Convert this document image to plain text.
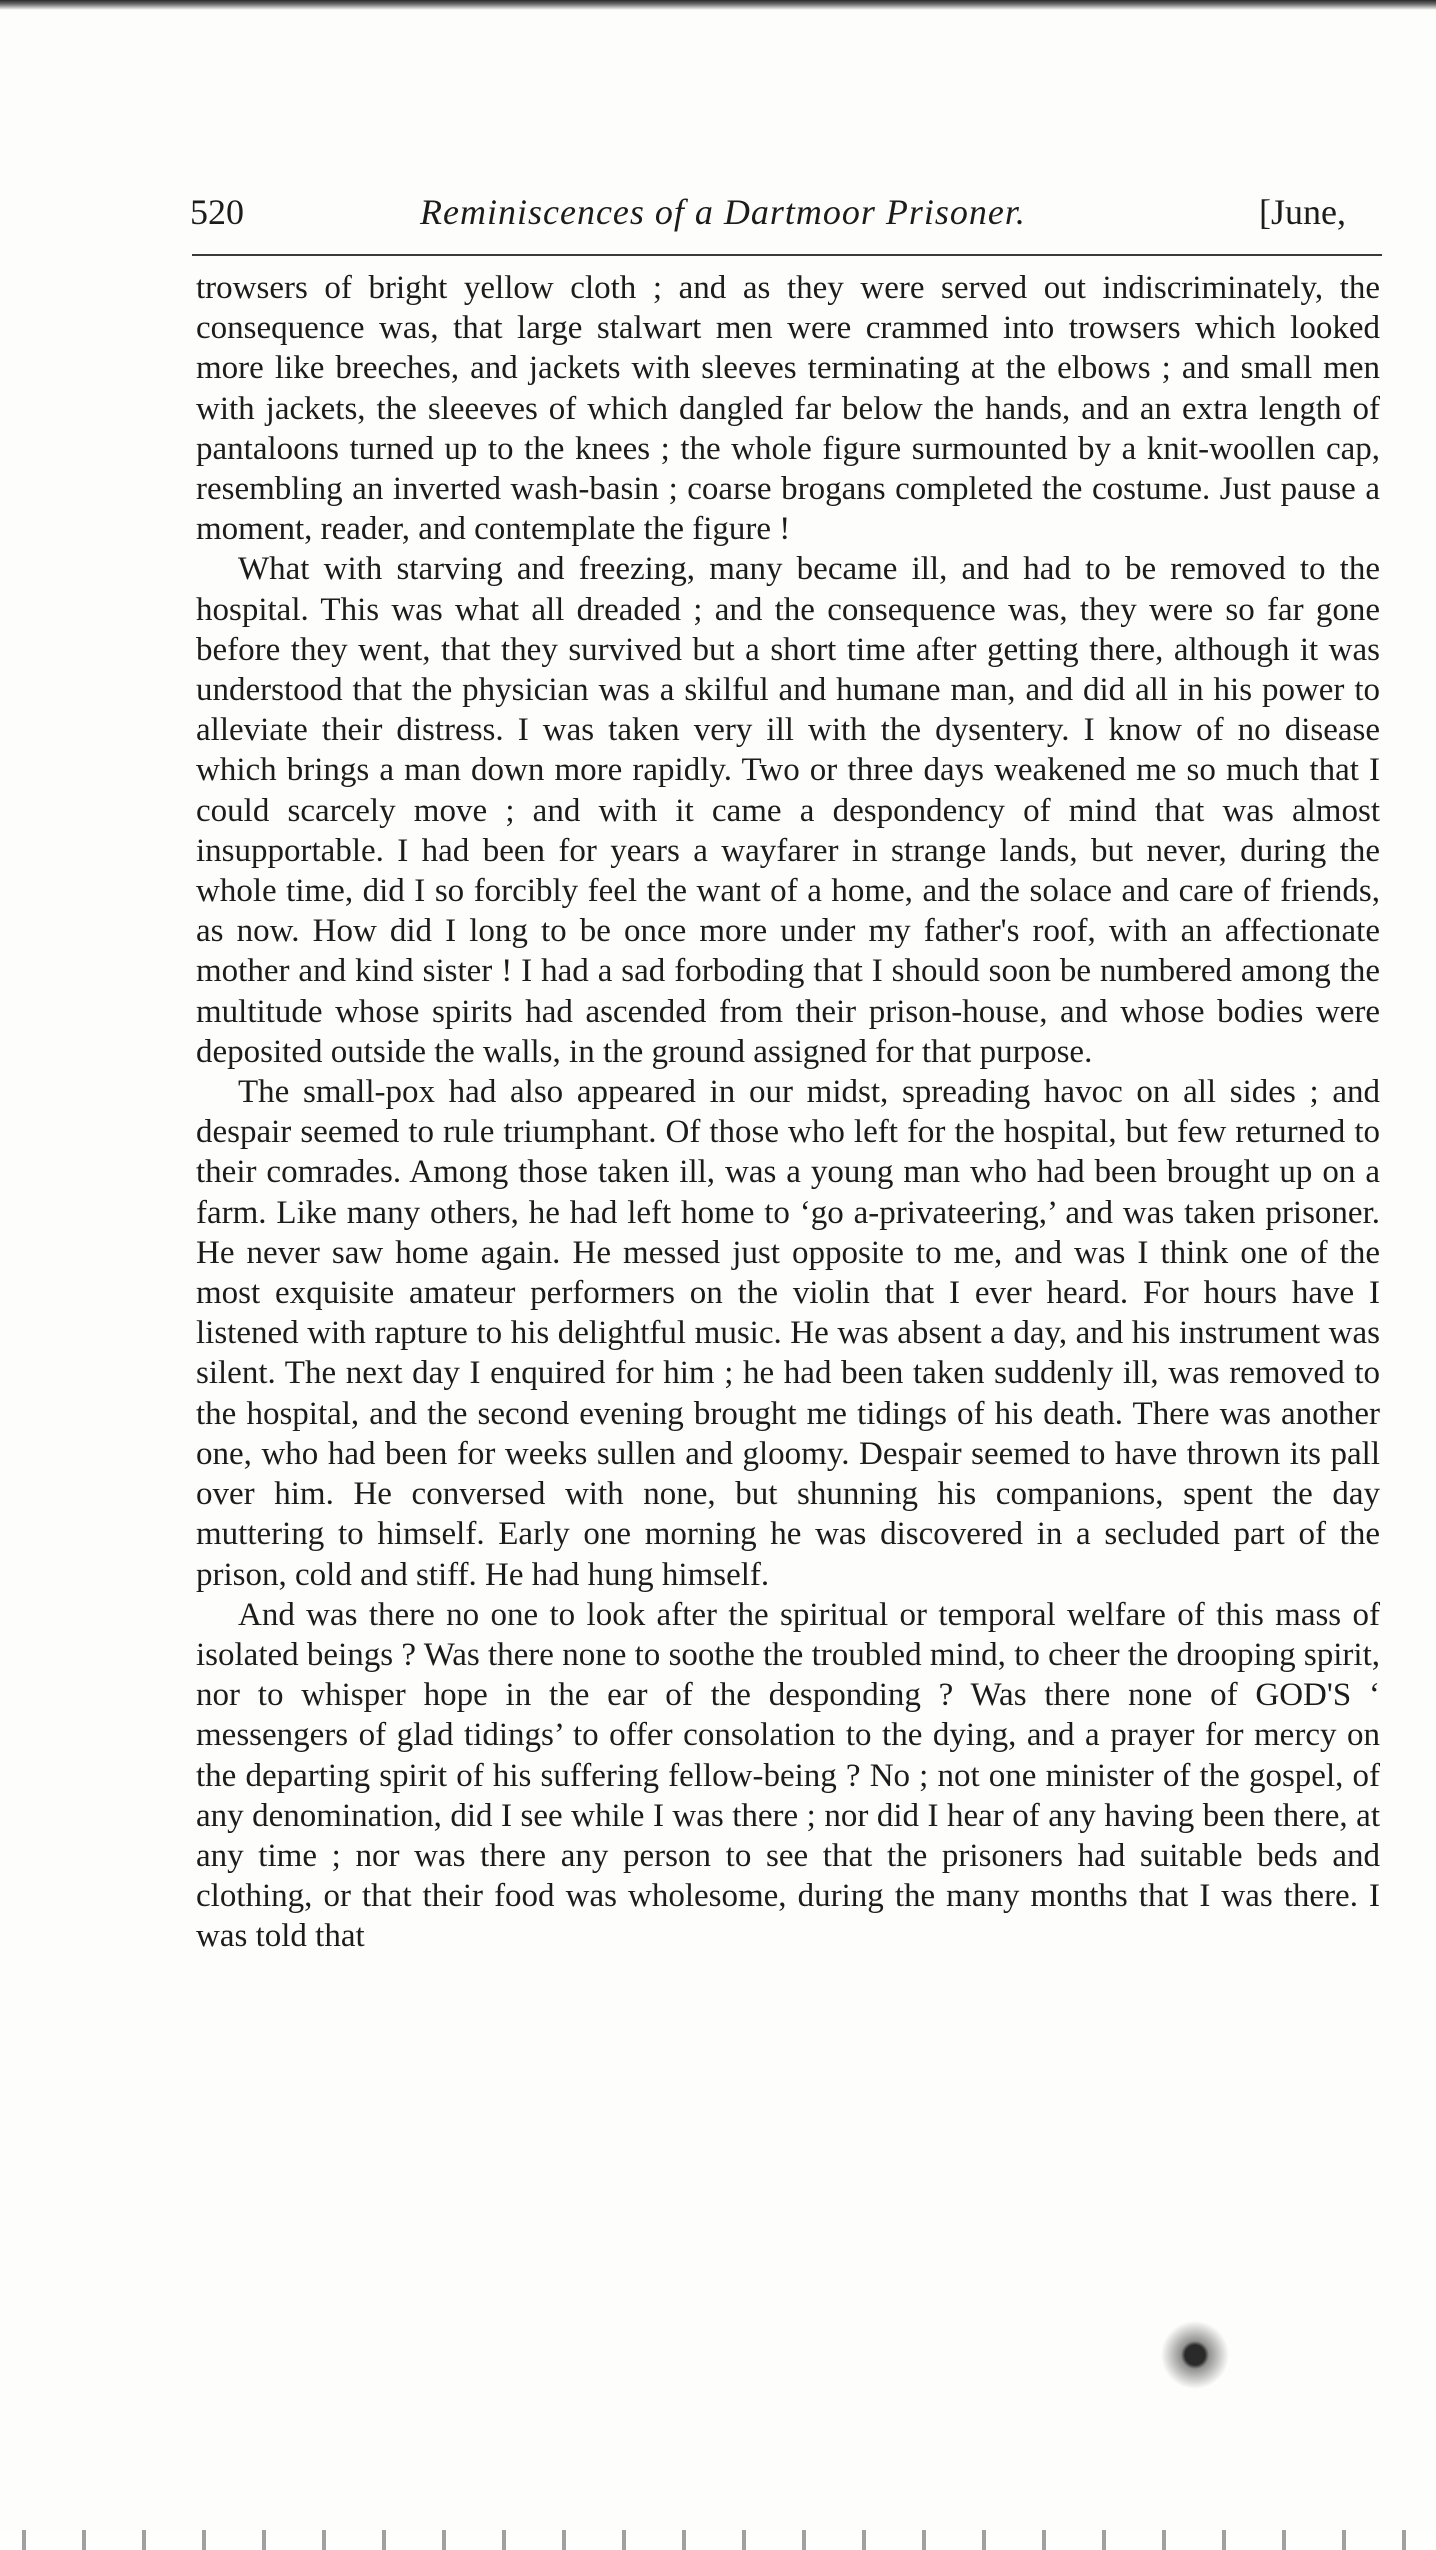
520	Reminiscences of a Dartmoor Prisoner.	[June,

trowsers of bright yellow cloth ; and as they were served out indiscriminately, the consequence was, that large stalwart men were crammed into trowsers which looked more like breeches, and jackets with sleeves terminating at the elbows ; and small men with jackets, the sleeeves of which dangled far below the hands, and an extra length of pantaloons turned up to the knees ; the whole figure surmounted by a knit-woollen cap, resembling an inverted wash-basin ; coarse brogans completed the costume. Just pause a moment, reader, and contemplate the figure !

What with starving and freezing, many became ill, and had to be removed to the hospital. This was what all dreaded ; and the consequence was, they were so far gone before they went, that they survived but a short time after getting there, although it was understood that the physician was a skilful and humane man, and did all in his power to alleviate their distress. I was taken very ill with the dysentery. I know of no disease which brings a man down more rapidly. Two or three days weakened me so much that I could scarcely move ; and with it came a despondency of mind that was almost insupportable. I had been for years a wayfarer in strange lands, but never, during the whole time, did I so forcibly feel the want of a home, and the solace and care of friends, as now. How did I long to be once more under my father's roof, with an affectionate mother and kind sister ! I had a sad forboding that I should soon be numbered among the multitude whose spirits had ascended from their prison-house, and whose bodies were deposited outside the walls, in the ground assigned for that purpose.

The small-pox had also appeared in our midst, spreading havoc on all sides ; and despair seemed to rule triumphant. Of those who left for the hospital, but few returned to their comrades. Among those taken ill, was a young man who had been brought up on a farm. Like many others, he had left home to ‘go a-privateering,’ and was taken prisoner. He never saw home again. He messed just opposite to me, and was I think one of the most exquisite amateur performers on the violin that I ever heard. For hours have I listened with rapture to his delightful music. He was absent a day, and his instrument was silent. The next day I enquired for him ; he had been taken suddenly ill, was removed to the hospital, and the second evening brought me tidings of his death. There was another one, who had been for weeks sullen and gloomy. Despair seemed to have thrown its pall over him. He conversed with none, but shunning his companions, spent the day muttering to himself. Early one morning he was discovered in a secluded part of the prison, cold and stiff. He had hung himself.

And was there no one to look after the spiritual or temporal welfare of this mass of isolated beings ? Was there none to soothe the troubled mind, to cheer the drooping spirit, nor to whisper hope in the ear of the desponding ? Was there none of GOD'S ‘ messengers of glad tidings’ to offer consolation to the dying, and a prayer for mercy on the departing spirit of his suffering fellow-being ? No ; not one minister of the gospel, of any denomination, did I see while I was there ; nor did I hear of any having been there, at any time ; nor was there any person to see that the prisoners had suitable beds and clothing, or that their food was wholesome, during the many months that I was there. I was told that
